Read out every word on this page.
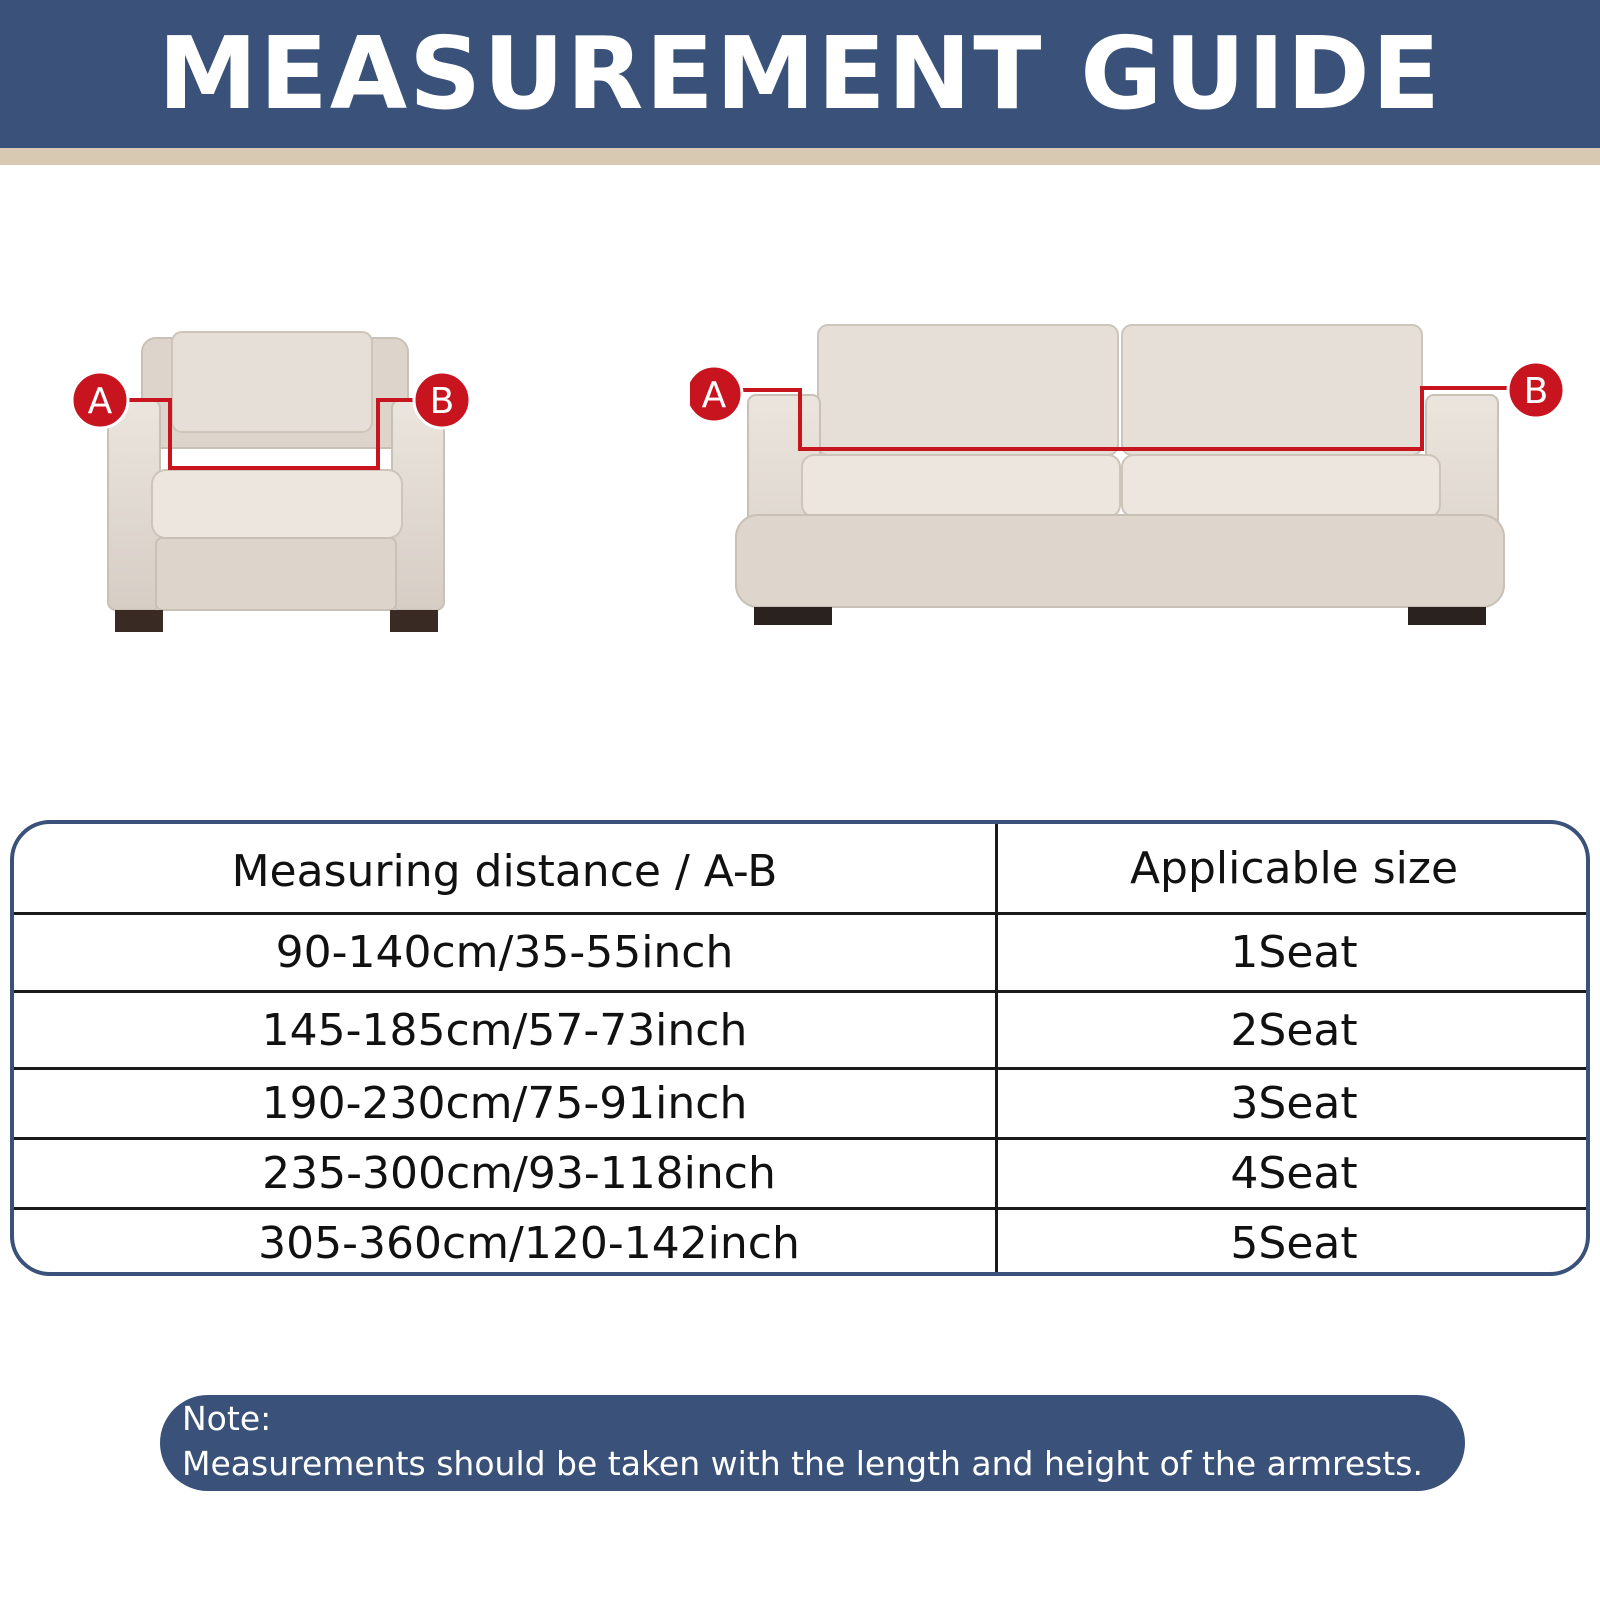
MEASUREMENT GUIDE
A	B	A	B
Measuring distance / A-B	Applicable size
90-140cm/35-55inch	1Seat
145-185cm/57-73inch	2Seat
190-230cm/75-91inch	3Seat
235-300cm/93-118inch	4Seat
305-360cm/120-142inch	5Seat
Note:
Measurements should be taken with the length and height of the armrests.
